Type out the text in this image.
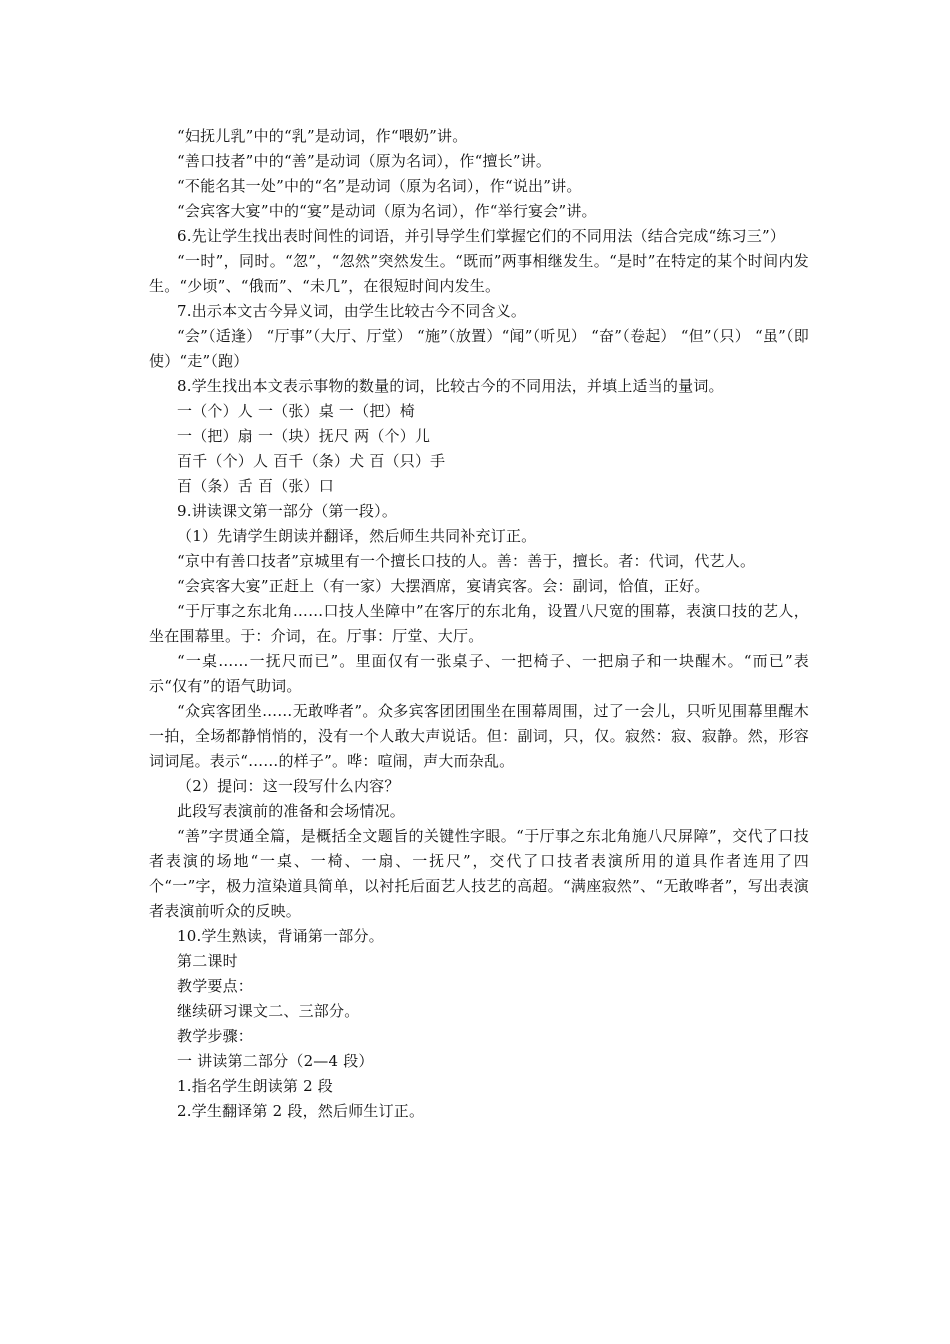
“妇抚儿乳”中的“乳”是动词，作“喂奶”讲。

“善口技者”中的“善”是动词（原为名词），作“擅长”讲。

“不能名其一处”中的“名”是动词（原为名词），作“说出”讲。

“会宾客大宴”中的“宴”是动词（原为名词），作“举行宴会”讲。

6.先让学生找出表时间性的词语，并引导学生们掌握它们的不同用法（结合完成“练习三”）

“一时”，同时。“忽”，“忽然”突然发生。“既而”两事相继发生。“是时”在特定的某个时间内发生。“少顷”、“俄而”、“未几”，在很短时间内发生。

7.出示本文古今异义词，由学生比较古今不同含义。

“会”（适逢） “厅事”（大厅、厅堂） “施”（放置）“闻”（听见） “奋”（卷起） “但”（只） “虽”（即使）“走”（跑）

8.学生找出本文表示事物的数量的词，比较古今的不同用法，并填上适当的量词。

一（个）人 一（张）桌 一（把）椅

一（把）扇 一（块）抚尺 两（个）儿

百千（个）人 百千（条）犬 百（只）手

百（条）舌 百（张）口

9.讲读课文第一部分（第一段）。

（1）先请学生朗读并翻译，然后师生共同补充订正。

“京中有善口技者”京城里有一个擅长口技的人。善：善于，擅长。者：代词，代艺人。

“会宾客大宴”正赶上（有一家）大摆酒席，宴请宾客。会：副词，恰值，正好。

“于厅事之东北角……口技人坐障中”在客厅的东北角，设置八尺宽的围幕，表演口技的艺人，坐在围幕里。于：介词，在。厅事：厅堂、大厅。

“一桌……一抚尺而已”。里面仅有一张桌子、一把椅子、一把扇子和一块醒木。“而已”表示“仅有”的语气助词。

“众宾客团坐……无敢哗者”。众多宾客团团围坐在围幕周围，过了一会儿，只听见围幕里醒木一拍，全场都静悄悄的，没有一个人敢大声说话。但：副词，只，仅。寂然：寂、寂静。然，形容词词尾。表示“……的样子”。哗：喧闹，声大而杂乱。

（2）提问：这一段写什么内容？

此段写表演前的准备和会场情况。

“善”字贯通全篇，是概括全文题旨的关键性字眼。“于厅事之东北角施八尺屏障”，交代了口技者表演的场地“一桌、一椅、一扇、一抚尺”，交代了口技者表演所用的道具作者连用了四个“一”字，极力渲染道具简单，以衬托后面艺人技艺的高超。“满座寂然”、“无敢哗者”，写出表演者表演前听众的反映。

10.学生熟读，背诵第一部分。

第二课时

教学要点：

继续研习课文二、三部分。

教学步骤：

一 讲读第二部分（2—4 段）

1.指名学生朗读第 2 段

2.学生翻译第 2 段，然后师生订正。
